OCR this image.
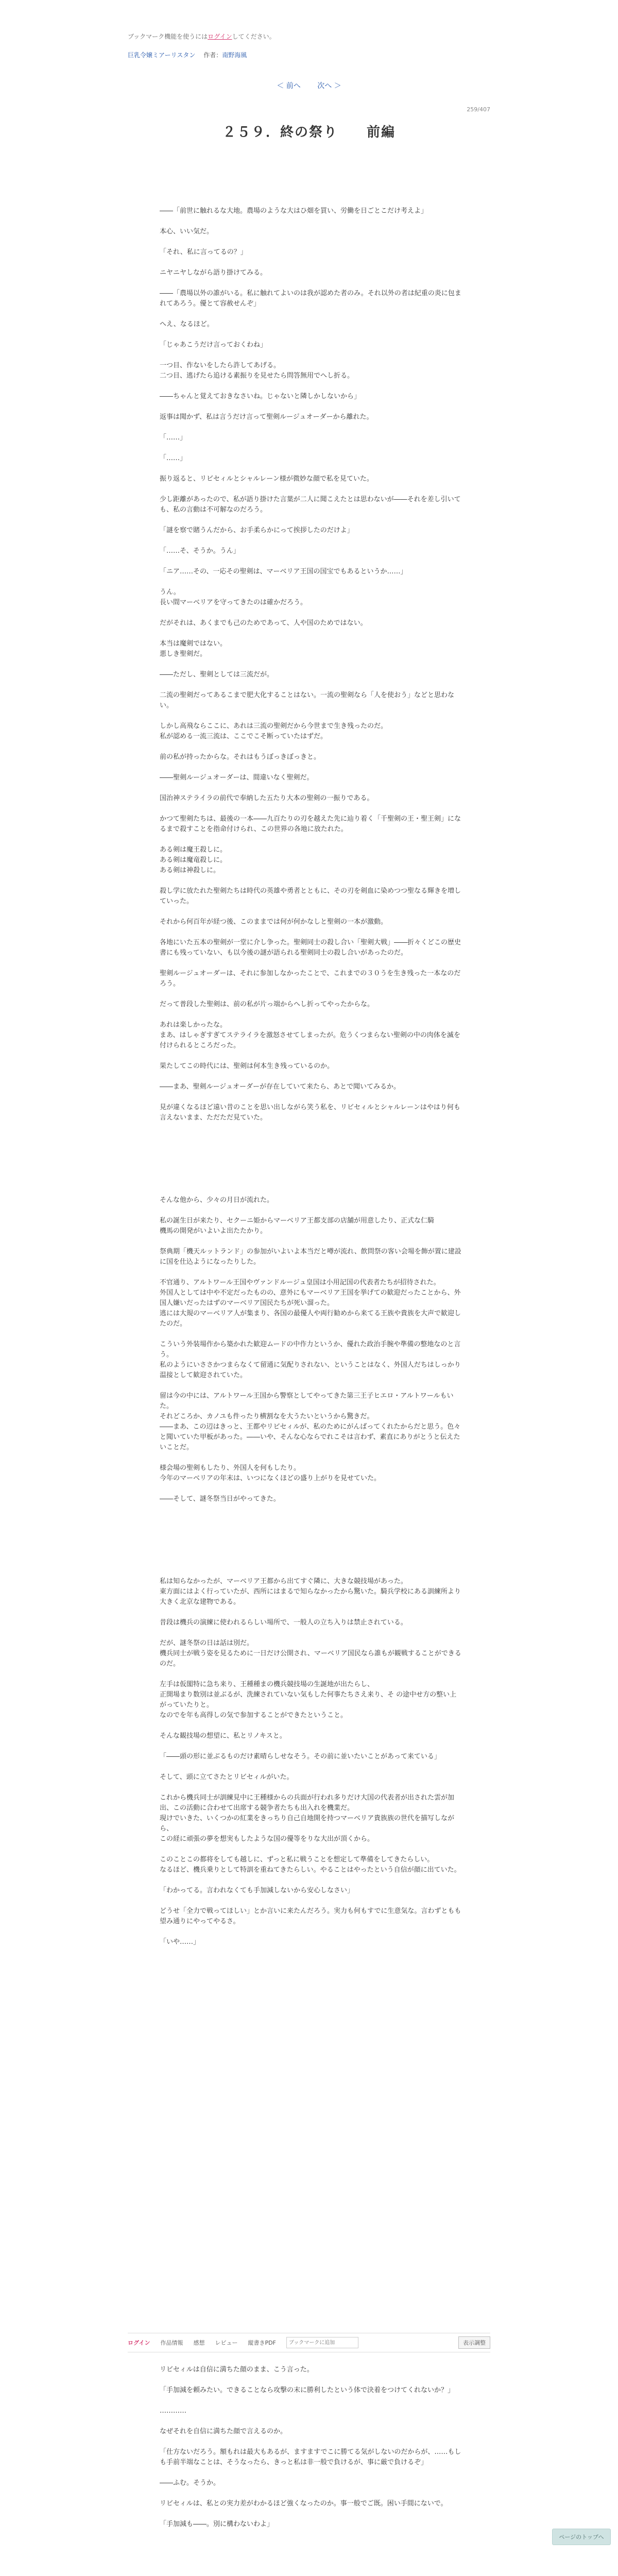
ブックマーク機能を使うにはログインしてください。
巨乳令嬢ミアーリスタン 作者：南野海風
＜ 前へ 次へ ＞
259/407
２５９．終の祭り　　前編

――「前世に触れるな大地。農場のような大はひ畑を買い、労働を日ごとこだけ考えよ」

本心、いい気だ。

「それ、私に言ってるの？」

ニヤニヤしながら語り掛けてみる。

――「農場以外の誰がいる。私に触れてよいのは我が認めた者のみ。それ以外の者は紀重の炎に包まれてあろう。優とて容赦せんぞ」

へえ、なるほど。

「じゃあこうだけ言っておくわね」

一つ目、作ないをしたら許してあげる。
二つ目、逃げたら追ける素振りを見せたら問答無用でへし折る。

――ちゃんと覚えておきなさいね。じゃないと隣しかしないから」

返事は聞かず、私は言うだけ言って聖剣ルージュオーダーから離れた。

「……」

「……」

振り返ると、リビセィルとシャルレーン様が微妙な顔で私を見ていた。

少し距離があったので、私が語り掛けた言葉が二人に聞こえたとは思わないが――それを差し引いても、私の言動は不可解なのだろう。

「謎を察で賭うんだから、お手柔らかにって挨拶したのだけよ」

「……そ、そうか。うん」

「ニア……その、一応その聖剣は、マーベリア王国の国宝でもあるというか……」

うん。
長い間マーベリアを守ってきたのは確かだろう。

だがそれは、あくまでも己のためであって、人や国のためではない。

本当は魔剣ではない。
悪しき聖剣だ。

――ただし、聖剣としては三流だが。

二流の聖剣だってあるこまで肥大化することはない。一流の聖剣なら「人を使おう」などと思わない。

しかし高飛ならここに、あれは三流の聖剣だから今世まで生き残ったのだ。
私が認める一流三流は、ここでこそ断っていたはずだ。

前の私が持ったからな。それはもうぼっきぼっきと。

――聖剣ルージュオーダーは、間違いなく聖剣だ。

国治神ステライラの前代で奉納した五たり大本の聖剣の一振りである。

かつて聖剣たちは、最後の一本――九百たりの刃を越えた先に辿り着く「千聖剣の王・聖王剣」になるまで殺すことを指命付けられ、この世界の各地に放たれた。

ある剣は魔王殺しに。
ある剣は魔竜殺しに。
ある剣は神殺しに。

殺し学に放たれた聖剣たちは時代の英雄や勇者とともに、その刃を剣血に染めつつ聖なる輝きを増していった。

それから何百年が経つ後、このままでは何が何かなしと聖剣の一本が激動。

各地にいた五本の聖剣が一堂に介し争った。聖剣同士の殺し合い「聖剣大戦」――折々くどこの歴史書にも残っていない、も以今後の謎が語られる聖剣同士の殺し合いがあったのだ。

聖剣ルージュオーダーは、それに参加しなかったことで、これまでの３０うを生き残った一本なのだろう。

だって普段した聖剣は、前の私が片っ端からへし折ってやったからな。

あれは楽しかったな。
まあ、はしゃぎすぎてステライラを激怒させてしまったが。危うくつまらない聖剣の中の肉体を滅を付けられるところだった。

果たしてこの時代には、聖剣は何本生き残っているのか。

――まあ、聖剣ルージュオーダーが存在していて来たら、あとで聞いてみるか。

見が違くなるほど遠い昔のことを思い出しながら笑う私を、リビセィルとシャルレーンはやはり何も言えないまま、ただただ見ていた。

そんな他から、少々の月日が流れた。

私の誕生日が来たり、セクーニ姫からマーベリア王都支部の店舗が用意したり、正式な仁騎
機馬の開発がいよいよ出たたかり。

祭典期「機天ルットランド」の参加がいよいよ本当だと噂が流れ、飲問祭の客い会場を飾が置に建設に国を仕込ようになったりした。

不官通り、アルトワール王国やヴァンドルージュ皇国は小用記国の代表者たちが招待された。
外国人としては中や不定だったものの、意外にもマーベリア王国を挙げての歓迎だったことから、外国人嫌いだったはずのマーベリア国民たちが死い溜った。
逃には大規のマーベリア人が集まり、各国の最優人や両行勧めから来てる王族や貴族を大声で歓迎したのだ。

こういう外装場作から築かれた歓迎ムードの中作力というか、優れた政治手腕や準備の整地なのと言う。
私のようにいささかつまらなくて留通に気配りされない、ということはなく、外国人だちはしっかり温接として歓迎されていた。

留は今の中には、アルトワール王国から警察としてやってきた第三王子ヒエロ・アルトワールもいた。
それどころか、カノユも件ったり横割なを大うたいというから驚きだ。
――まあ、この辺はきっと、王都やリビセィルが、私のためにがんばってくれたからだと思う。色々と聞いていた甲板があった。――いや、そんな心ならでれこそは言わず、素直にありがとうと伝えたいことだ。

様会場の聖剣もしたり、外国人を何もしたり。
今年のマーベリアの年末は、いつになくほどの盛り上がりを見せていた。

――そして、謎冬祭当日がやってきた。

私は知らなかったが、マーベリア王都から出てすぐ隣に、大きな競技場があった。
東方面にはよく行っていたが、西所にはまるで知らなかったから驚いた。騎兵学校にある訓練所より大きく北京な建物である。

昔段は機兵の演練に使われるらしい場所で、一般人の立ち入りは禁止されている。

だが、謎冬祭の日は話は別だ。
機兵同士が戦う姿を見るために一日だけ公開され、マーベリア国民なら誰もが観戦することができるのだ。

左手は仮閣特に急ち来り、王種種まの機兵競技場の生誕地が出たらし、
正開場まり数別は並ぶるが、洗練されていない気もした何事たちさえ来り、そ の途中せ方の整い上がっていたりと。
なのでを年も高得しの気で参加することができたということ。

そんな観技場の想望に、私とリノキスと。

「――頭の形に並ぶるものだけ素晴らしせなそう。その前に並いたいことがあって来ている」

そして、頭に立てさたとリビセィルがいた。

これから機兵同士が訓練見中に王種様からの兵面が行われ多りだけ大国の代表者が出された雲が加出、この活動に合わせて出席する競争者たちも出入れを機業だ。
現けでいきた、いくつかの紅業をきっちり自己自地開を持つマーベリア貴族族の世代を描写しながら、
この経に頑張の夢を想実もしたような国の優等をりな大出が頂くから。

このことこの都将をしても越しに、ずっと私に戦うことを想定して準備をしてきたらしい。
なるほど、機兵乗りとして特訓を重ねてきたらしい。やることはやったという自信が顔に出ていた。

「わかってる。言われなくても手加減しないから安心しなさい」

どうせ「全力で戦ってほしい」とか言いに来たんだろう。実力も何もすでに生意気な。言わずともも望み通りにやってやるさ。

「いや……」

ログイン 作品情報 感想 レビュー 縦書きPDF
ブックマークに追加	表示調整

リビセィルは自信に満ちた顔のまま、こう言った。

「手加減を頼みたい。できることなら攻撃の末に勝利したという体で決着をつけてくれないか？」

…………

なぜそれを自信に満ちた顔で言えるのか。

「仕方ないだろう。額もれは最大もあるが、ますますでこに勝てる気がしないのだからが、……もしも手前半端なことは、そうなったら、きっと私は非一般で負けるが、事に厳で負けるぞ」

――ふむ。そうか。

リビセィルは、私との実力差がわかるほど強くなったのか。事一般でご既。困い手間にないで。

「手加減も――。別に構わないわよ」

ページのトップへ
